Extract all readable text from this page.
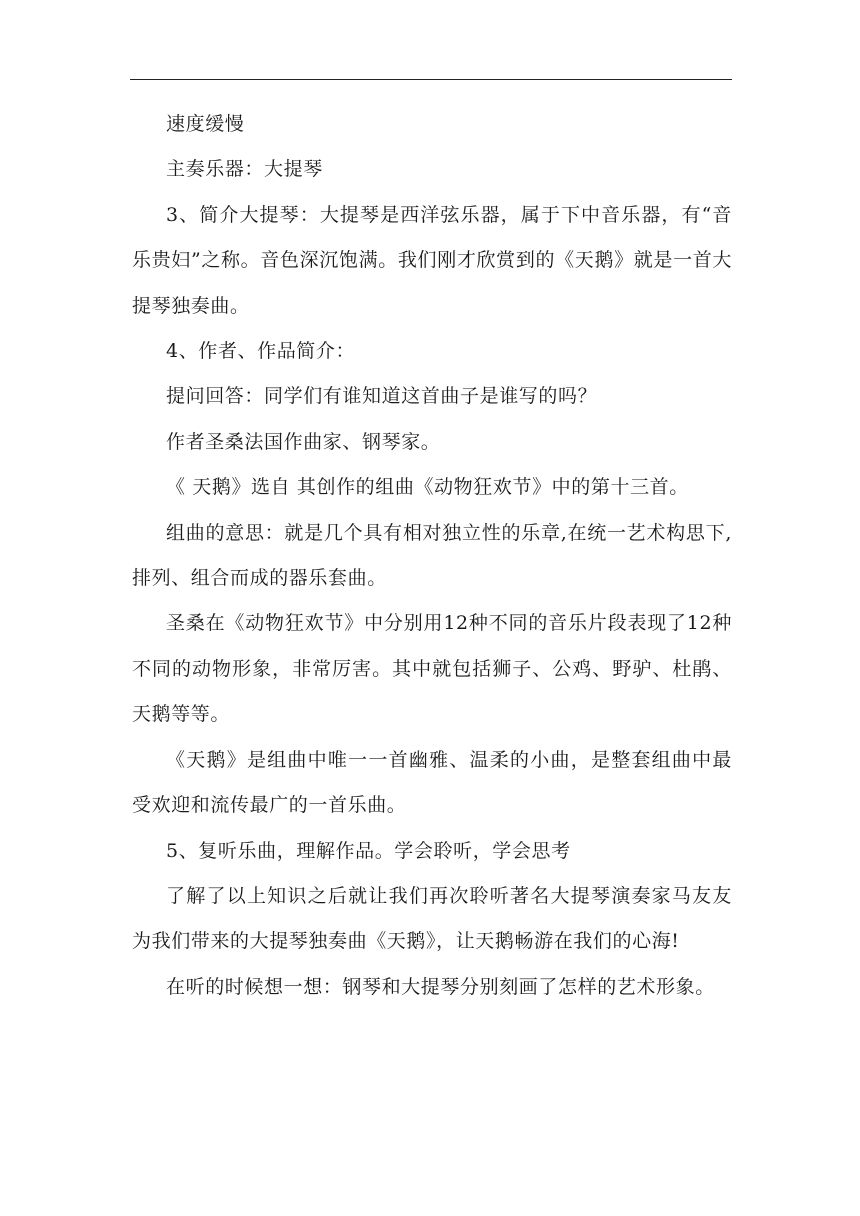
速度缓慢

主奏乐器：大提琴

3、简介大提琴：大提琴是西洋弦乐器，属于下中音乐器，有“音乐贵妇”之称。音色深沉饱满。我们刚才欣赏到的《天鹅》就是一首大提琴独奏曲。

4、作者、作品简介：

提问回答：同学们有谁知道这首曲子是谁写的吗？

作者圣桑法国作曲家、钢琴家。

《 天鹅》选自 其创作的组曲《动物狂欢节》中的第十三首。

组曲的意思：就是几个具有相对独立性的乐章,在统一艺术构思下,排列、组合而成的器乐套曲。

圣桑在《动物狂欢节》中分别用12种不同的音乐片段表现了12种不同的动物形象，非常厉害。其中就包括狮子、公鸡、野驴、杜鹃、天鹅等等。

《天鹅》是组曲中唯一一首幽雅、温柔的小曲，是整套组曲中最受欢迎和流传最广的一首乐曲。

5、复听乐曲，理解作品。学会聆听，学会思考

了解了以上知识之后就让我们再次聆听著名大提琴演奏家马友友为我们带来的大提琴独奏曲《天鹅》，让天鹅畅游在我们的心海!

在听的时候想一想：钢琴和大提琴分别刻画了怎样的艺术形象。
